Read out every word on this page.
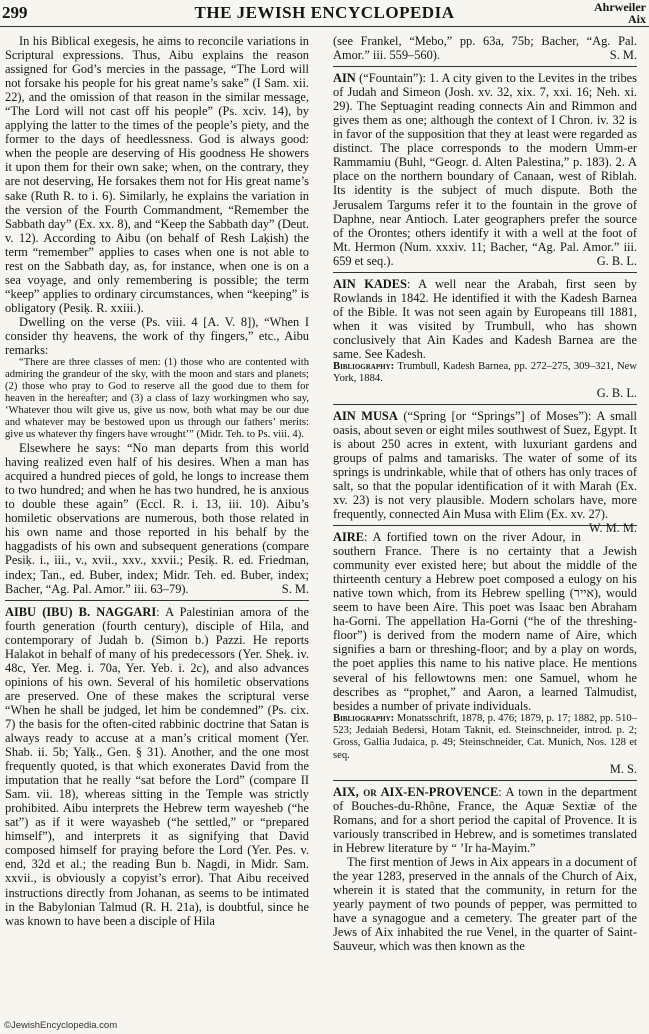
299	THE JEWISH ENCYCLOPEDIA	Ahrweiler
Aix

In his Biblical exegesis, he aims to reconcile variations in Scriptural expressions. Thus, Aibu explains the reason assigned for God’s mercies in the passage, “The Lord will not forsake his people for his great name’s sake” (I Sam. xii. 22), and the omission of that reason in the similar message, “The Lord will not cast off his people” (Ps. xciv. 14), by applying the latter to the times of the people’s piety, and the former to the days of heedlessness. God is always good: when the people are deserving of His goodness He showers it upon them for their own sake; when, on the contrary, they are not deserving, He forsakes them not for His great name’s sake (Ruth R. to i. 6). Similarly, he explains the variation in the version of the Fourth Commandment, “Remember the Sabbath day” (Ex. xx. 8), and “Keep the Sabbath day” (Deut. v. 12). According to Aibu (on behalf of Resh Laḳish) the term “remember” applies to cases when one is not able to rest on the Sabbath day, as, for instance, when one is on a sea voyage, and only remembering is possible; the term “keep” applies to ordinary circumstances, when “keeping” is obligatory (Pesiḳ. R. xxiii.).

Dwelling on the verse (Ps. viii. 4 [A. V. 8]), “When I consider thy heavens, the work of thy fingers,” etc., Aibu remarks:

“There are three classes of men: (1) those who are contented with admiring the grandeur of the sky, with the moon and stars and planets; (2) those who pray to God to reserve all the good due to them for heaven in the hereafter; and (3) a class of lazy workingmen who say, ‘Whatever thou wilt give us, give us now, both what may be our due and whatever may be bestowed upon us through our fathers’ merits: give us whatever thy fingers have wrought’” (Midr. Teh. to Ps. viii. 4).

Elsewhere he says: “No man departs from this world having realized even half of his desires. When a man has acquired a hundred pieces of gold, he longs to increase them to two hundred; and when he has two hundred, he is anxious to double these again” (Eccl. R. i. 13, iii. 10). Aibu’s homiletic observations are numerous, both those related in his own name and those reported in his behalf by the haggadists of his own and subsequent generations (compare Pesiḳ. i., iii., v., xvii., xxv., xxvii.; Pesiḳ. R. ed. Friedman, index; Tan., ed. Buber, index; Midr. Teh. ed. Buber, index; Bacher, “Ag. Pal. Amor.” iii. 63–79).	S. M.

AIBU (IBU) B. NAGGARI: A Palestinian amora of the fourth generation (fourth century), disciple of Hila, and contemporary of Judah b. (Simon b.) Pazzi. He reports Halakot in behalf of many of his predecessors (Yer. Sheḳ. iv. 48c, Yer. Meg. i. 70a, Yer. Yeb. i. 2c), and also advances opinions of his own. Several of his homiletic observations are preserved. One of these makes the scriptural verse “When he shall be judged, let him be condemned” (Ps. cix. 7) the basis for the often-cited rabbinic doctrine that Satan is always ready to accuse at a man’s critical moment (Yer. Shab. ii. 5b; Yalḳ., Gen. § 31). Another, and the one most frequently quoted, is that which exonerates David from the imputation that he really “sat before the Lord” (compare II Sam. vii. 18), whereas sitting in the Temple was strictly prohibited. Aibu interprets the Hebrew term wayesheb (“he sat”) as if it were wayasheb (“he settled,” or “prepared himself”), and interprets it as signifying that David composed himself for praying before the Lord (Yer. Pes. v. end, 32d et al.; the reading Bun b. Nagdi, in Midr. Sam. xxvii., is obviously a copyist’s error). That Aibu received instructions directly from Johanan, as seems to be intimated in the Babylonian Talmud (R. H. 21a), is doubtful, since he was known to have been a disciple of Hila

(see Frankel, “Mebo,” pp. 63a, 75b; Bacher, “Ag. Pal. Amor.” iii. 559–560).	S. M.

AIN (“Fountain”): 1. A city given to the Levites in the tribes of Judah and Simeon (Josh. xv. 32, xix. 7, xxi. 16; Neh. xi. 29). The Septuagint reading connects Ain and Rimmon and gives them as one; although the context of I Chron. iv. 32 is in favor of the supposition that they at least were regarded as distinct. The place corresponds to the modern Umm-er Rammamiu (Buhl, “Geogr. d. Alten Palestina,” p. 183). 2. A place on the northern boundary of Canaan, west of Riblah. Its identity is the subject of much dispute. Both the Jerusalem Targums refer it to the fountain in the grove of Daphne, near Antioch. Later geographers prefer the source of the Orontes; others identify it with a well at the foot of Mt. Hermon (Num. xxxiv. 11; Bacher, “Ag. Pal. Amor.” iii. 659 et seq.).	G. B. L.

AIN KADES: A well near the Arabah, first seen by Rowlands in 1842. He identified it with the Kadesh Barnea of the Bible. It was not seen again by Europeans till 1881, when it was visited by Trumbull, who has shown conclusively that Ain Kades and Kadesh Barnea are the same. See Kadesh.

Bibliography: Trumbull, Kadesh Barnea, pp. 272–275, 309–321, New York, 1884.

G. B. L.

AIN MUSA (“Spring [or “Springs”] of Moses”): A small oasis, about seven or eight miles southwest of Suez, Egypt. It is about 250 acres in extent, with luxuriant gardens and groups of palms and tamarisks. The water of some of its springs is undrinkable, while that of others has only traces of salt, so that the popular identification of it with Marah (Ex. xv. 23) is not very plausible. Modern scholars have, more frequently, connected Ain Musa with Elim (Ex. xv. 27).
W. M. M.

AIRE: A fortified town on the river Adour, in southern France. There is no certainty that a Jewish community ever existed here; but about the middle of the thirteenth century a Hebrew poet composed a eulogy on his native town which, from its Hebrew spelling (אייר), would seem to have been Aire. This poet was Isaac ben Abraham ha-Gorni. The appellation Ha-Gorni (“he of the threshing-floor”) is derived from the modern name of Aire, which signifies a barn or threshing-floor; and by a play on words, the poet applies this name to his native place. He mentions several of his fellowtowns men: one Samuel, whom he describes as “prophet,” and Aaron, a learned Talmudist, besides a number of private individuals.

Bibliography: Monatsschrift, 1878, p. 476; 1879, p. 17; 1882, pp. 510–523; Jedaiah Bedersi, Hotam Taknit, ed. Steinschneider, introd. p. 2; Gross, Gallia Judaica, p. 49; Steinschneider, Cat. Munich, Nos. 128 et seq.

M. S.

AIX, or AIX-EN-PROVENCE: A town in the department of Bouches-du-Rhône, France, the Aquæ Sextiæ of the Romans, and for a short period the capital of Provence. It is variously transcribed in Hebrew, and is sometimes translated in Hebrew literature by “ ’Ir ha-Mayim.”

The first mention of Jews in Aix appears in a document of the year 1283, preserved in the annals of the Church of Aix, wherein it is stated that the community, in return for the yearly payment of two pounds of pepper, was permitted to have a synagogue and a cemetery. The greater part of the Jews of Aix inhabited the rue Venel, in the quarter of Saint-Sauveur, which was then known as the

©JewishEncyclopedia.com
